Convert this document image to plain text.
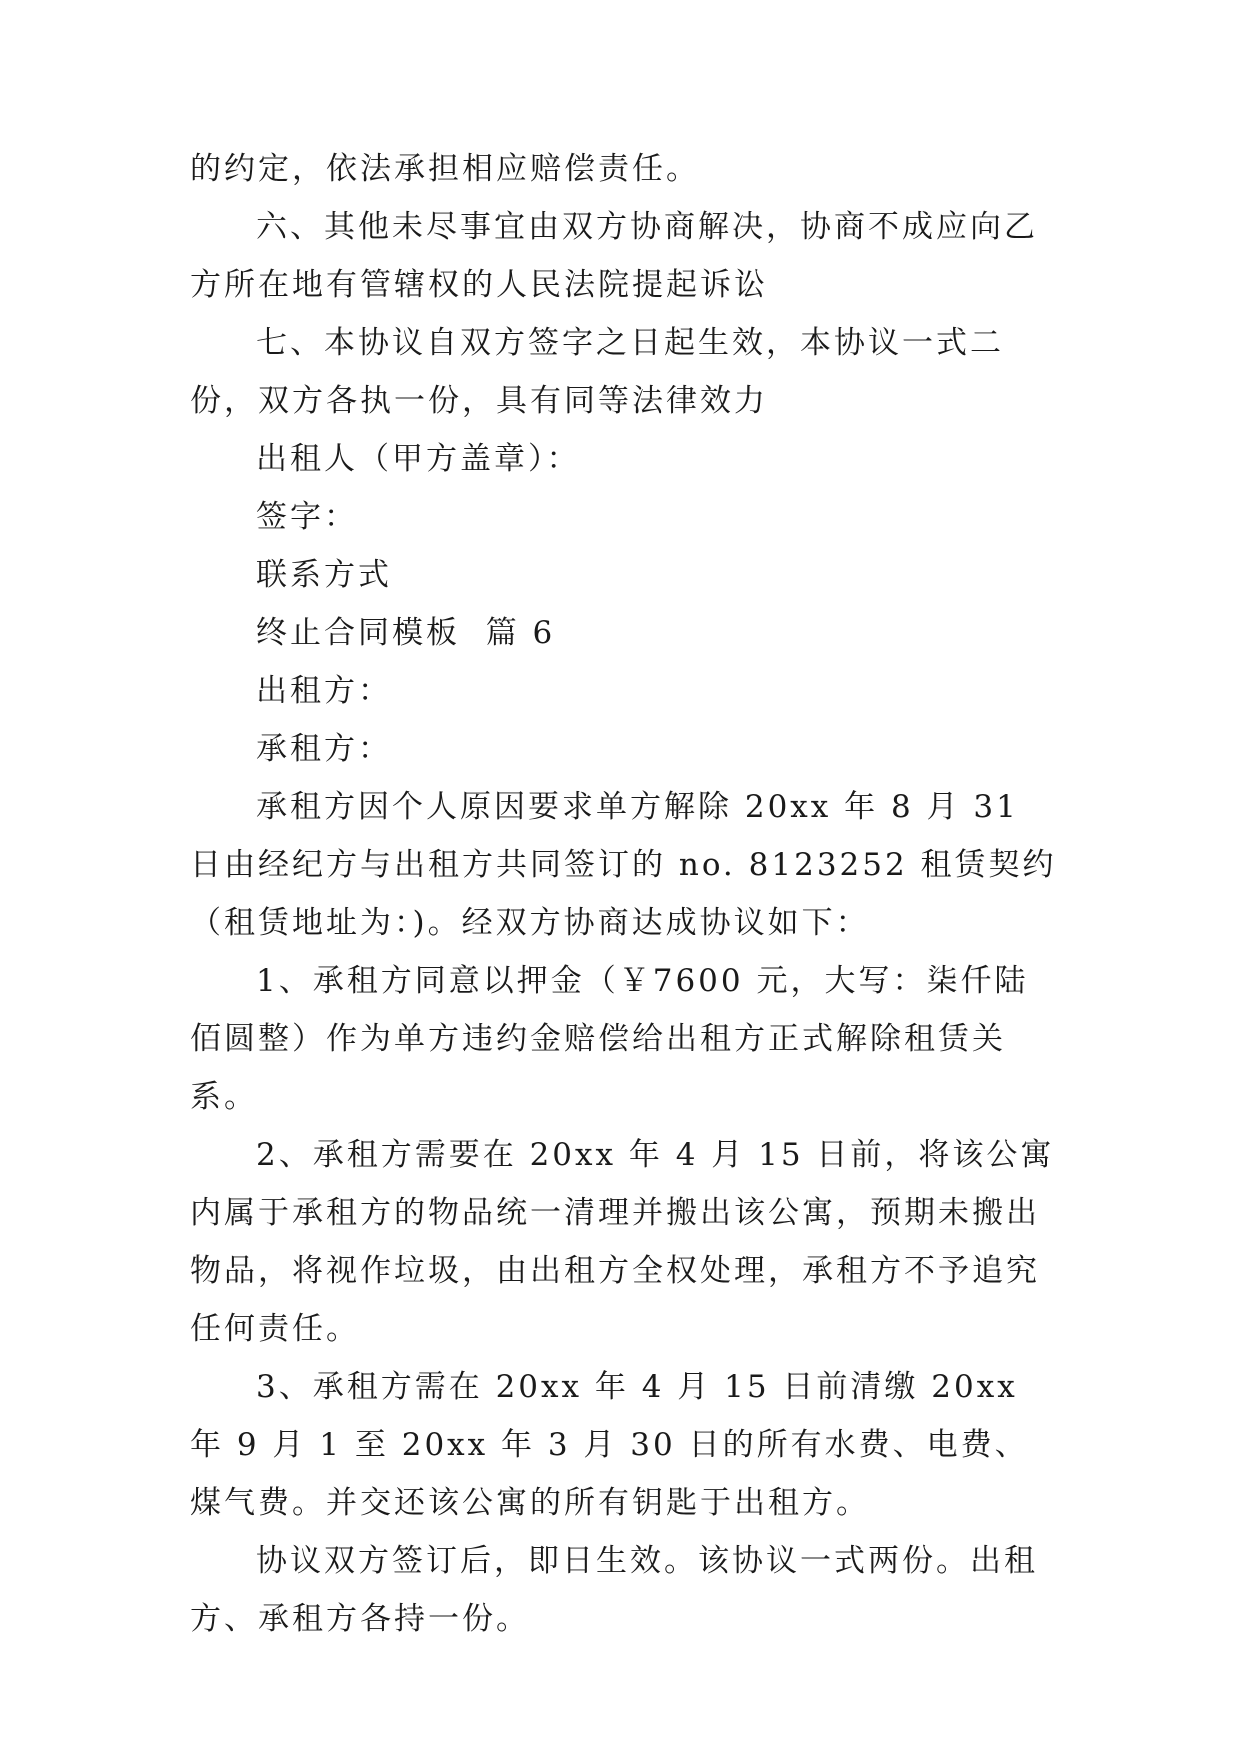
的约定，依法承担相应赔偿责任。

六、其他未尽事宜由双方协商解决，协商不成应向乙方所在地有管辖权的人民法院提起诉讼

七、本协议自双方签字之日起生效，本协议一式二份，双方各执一份，具有同等法律效力

出租人（甲方盖章）：

签字：

联系方式

终止合同模板  篇 6

出租方：

承租方：

承租方因个人原因要求单方解除 20xx 年 8 月 31 日由经纪方与出租方共同签订的 no. 8123252 租赁契约（租赁地址为：)。经双方协商达成协议如下：

1、承租方同意以押金（￥7600 元，大写：柒仟陆佰圆整）作为单方违约金赔偿给出租方正式解除租赁关系。

2、承租方需要在 20xx 年 4 月 15 日前，将该公寓内属于承租方的物品统一清理并搬出该公寓，预期未搬出物品，将视作垃圾，由出租方全权处理，承租方不予追究任何责任。

3、承租方需在 20xx 年 4 月 15 日前清缴 20xx 年 9 月 1 至 20xx 年 3 月 30 日的所有水费、电费、煤气费。并交还该公寓的所有钥匙于出租方。

协议双方签订后，即日生效。该协议一式两份。出租方、承租方各持一份。
